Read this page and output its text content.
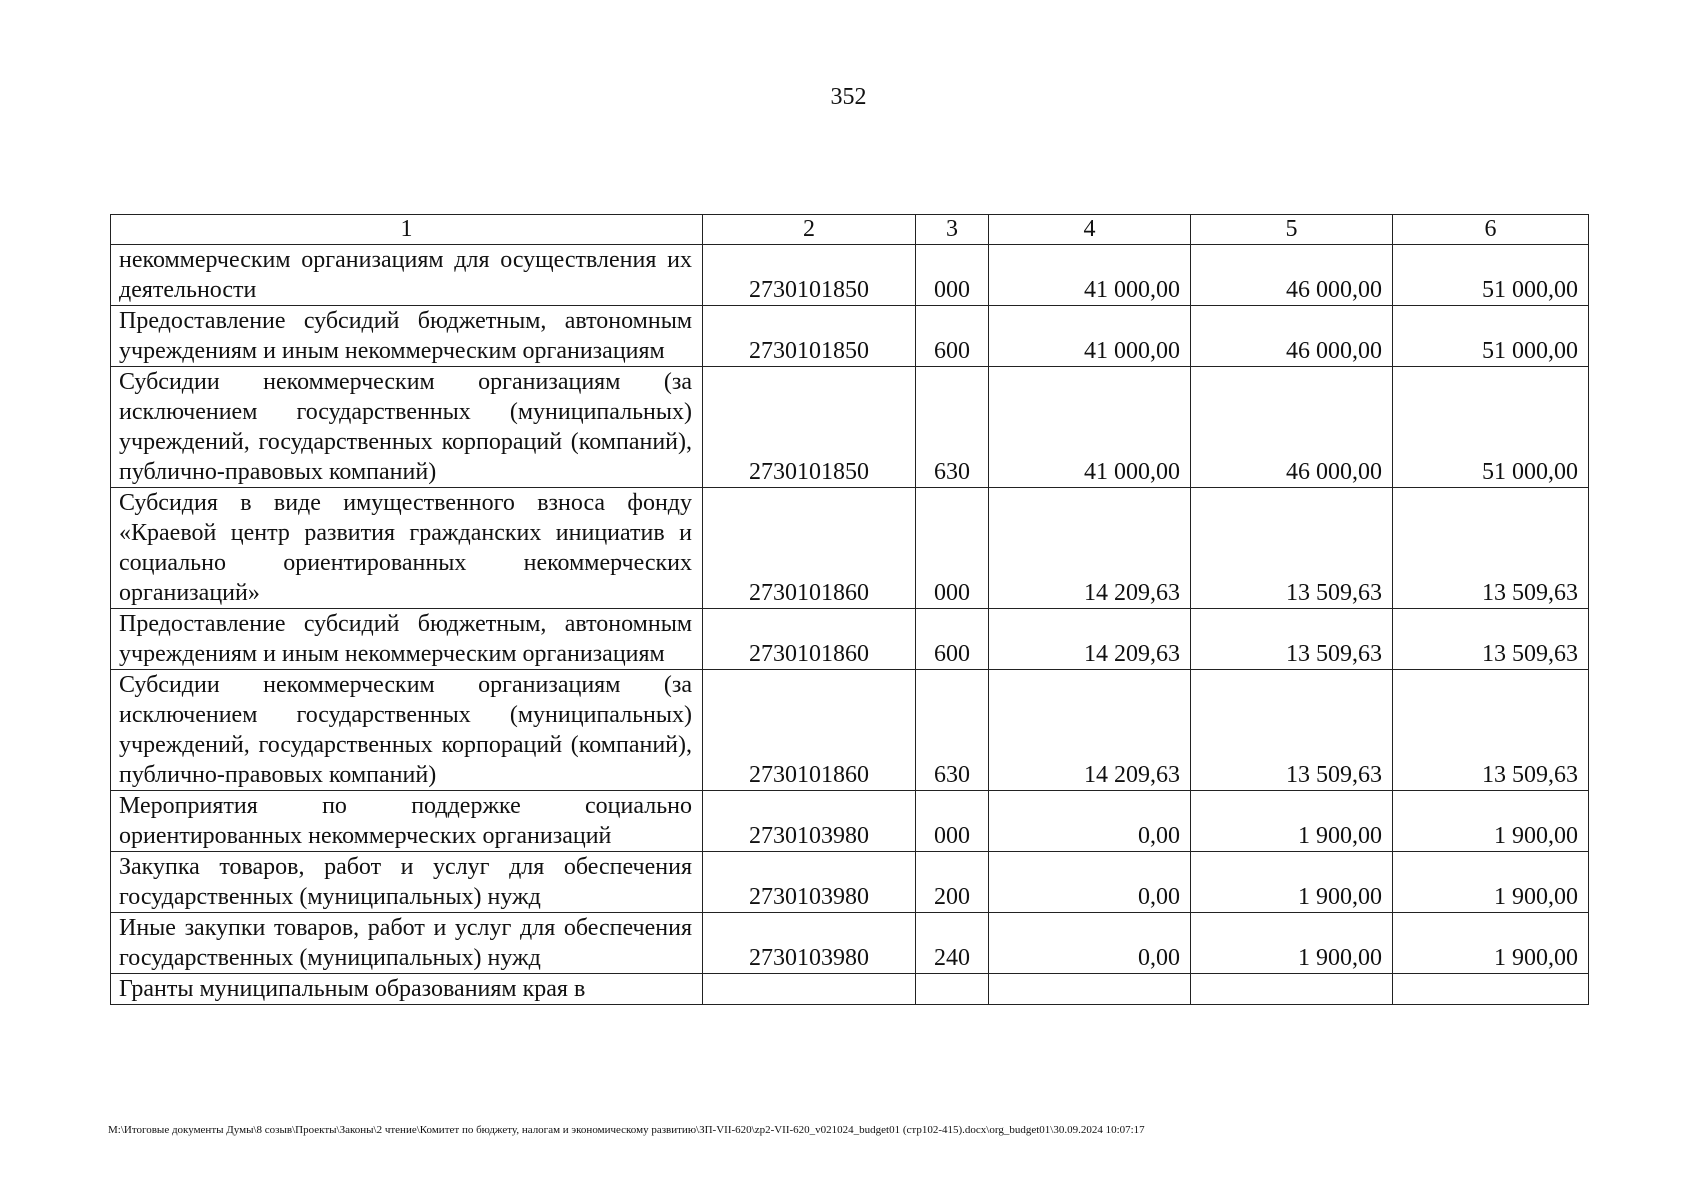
352
1	2	3	4	5	6
некоммерческим организациям для осуществления их деятельности	2730101850	000	41 000,00	46 000,00	51 000,00
Предоставление субсидий бюджетным, автономным учреждениям и иным некоммерческим организациям	2730101850	600	41 000,00	46 000,00	51 000,00
Субсидии некоммерческим организациям (за исключением государственных (муниципальных) учреждений, государственных корпораций (компаний), публично-правовых компаний)	2730101850	630	41 000,00	46 000,00	51 000,00
Субсидия в виде имущественного взноса фонду «Краевой центр развития гражданских инициатив и социально ориентированных некоммерческих организаций»	2730101860	000	14 209,63	13 509,63	13 509,63
Предоставление субсидий бюджетным, автономным учреждениям и иным некоммерческим организациям	2730101860	600	14 209,63	13 509,63	13 509,63
Субсидии некоммерческим организациям (за исключением государственных (муниципальных) учреждений, государственных корпораций (компаний), публично-правовых компаний)	2730101860	630	14 209,63	13 509,63	13 509,63
Мероприятия по поддержке социально ориентированных некоммерческих организаций	2730103980	000	0,00	1 900,00	1 900,00
Закупка товаров, работ и услуг для обеспечения государственных (муниципальных) нужд	2730103980	200	0,00	1 900,00	1 900,00
Иные закупки товаров, работ и услуг для обеспечения государственных (муниципальных) нужд	2730103980	240	0,00	1 900,00	1 900,00
Гранты муниципальным образованиям края в					
M:\Итоговые документы Думы\8 созыв\Проекты\Законы\2 чтение\Комитет по бюджету, налогам и экономическому развитию\ЗП-VII-620\zp2-VII-620_v021024_budget01 (стр102-415).docx\org_budget01\30.09.2024 10:07:17
